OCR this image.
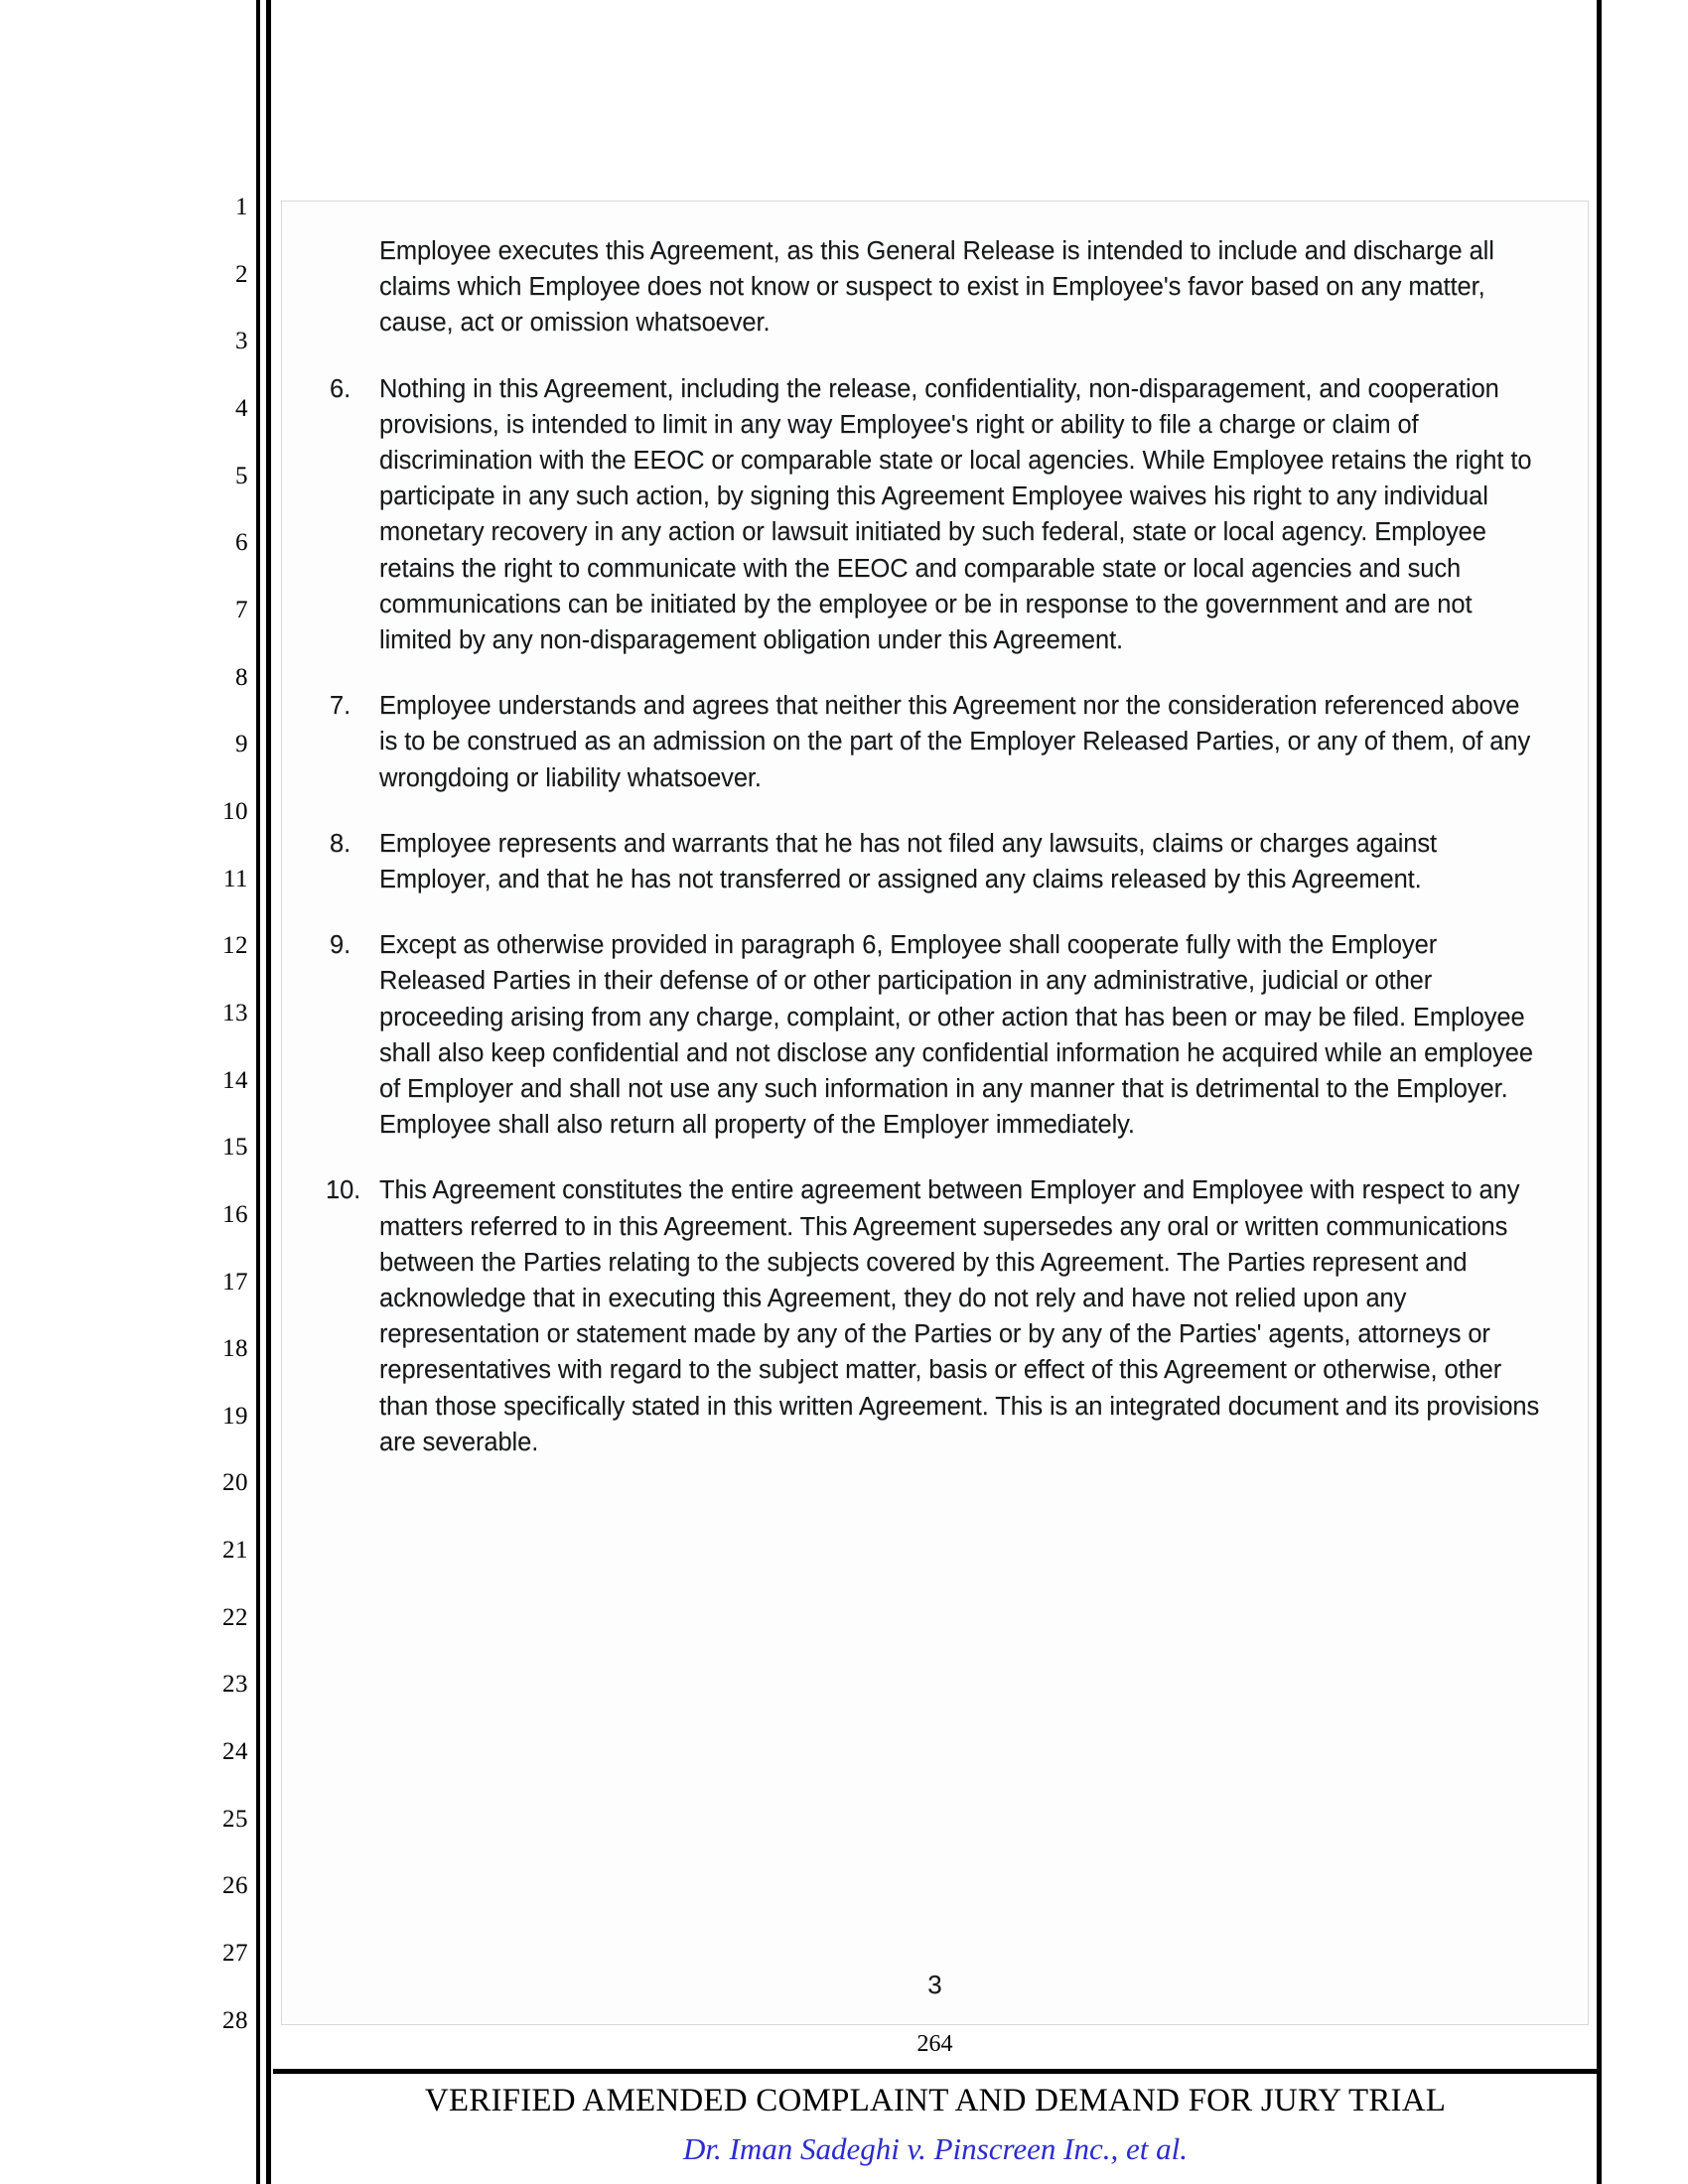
1
2
3
4
5
6
7
8
9
10
11
12
13
14
15
16
17
18
19
20
21
22
23
24
25
26
27
28
Employee executes this Agreement, as this General Release is intended to include and discharge all claims which Employee does not know or suspect to exist in Employee's favor based on any matter, cause, act or omission whatsoever.
6.	Nothing in this Agreement, including the release, confidentiality, non-disparagement, and cooperation provisions, is intended to limit in any way Employee's right or ability to file a charge or claim of discrimination with the EEOC or comparable state or local agencies. While Employee retains the right to participate in any such action, by signing this Agreement Employee waives his right to any individual monetary recovery in any action or lawsuit initiated by such federal, state or local agency. Employee retains the right to communicate with the EEOC and comparable state or local agencies and such communications can be initiated by the employee or be in response to the government and are not limited by any non-disparagement obligation under this Agreement.
7.	Employee understands and agrees that neither this Agreement nor the consideration referenced above is to be construed as an admission on the part of the Employer Released Parties, or any of them, of any wrongdoing or liability whatsoever.
8.	Employee represents and warrants that he has not filed any lawsuits, claims or charges against Employer, and that he has not transferred or assigned any claims released by this Agreement.
9.	Except as otherwise provided in paragraph 6, Employee shall cooperate fully with the Employer Released Parties in their defense of or other participation in any administrative, judicial or other proceeding arising from any charge, complaint, or other action that has been or may be filed. Employee shall also keep confidential and not disclose any confidential information he acquired while an employee of Employer and shall not use any such information in any manner that is detrimental to the Employer. Employee shall also return all property of the Employer immediately.
10. This Agreement constitutes the entire agreement between Employer and Employee with respect to any matters referred to in this Agreement. This Agreement supersedes any oral or written communications between the Parties relating to the subjects covered by this Agreement. The Parties represent and acknowledge that in executing this Agreement, they do not rely and have not relied upon any representation or statement made by any of the Parties or by any of the Parties' agents, attorneys or representatives with regard to the subject matter, basis or effect of this Agreement or otherwise, other than those specifically stated in this written Agreement. This is an integrated document and its provisions are severable.
3
264
VERIFIED AMENDED COMPLAINT AND DEMAND FOR JURY TRIAL
Dr. Iman Sadeghi v. Pinscreen Inc., et al.
